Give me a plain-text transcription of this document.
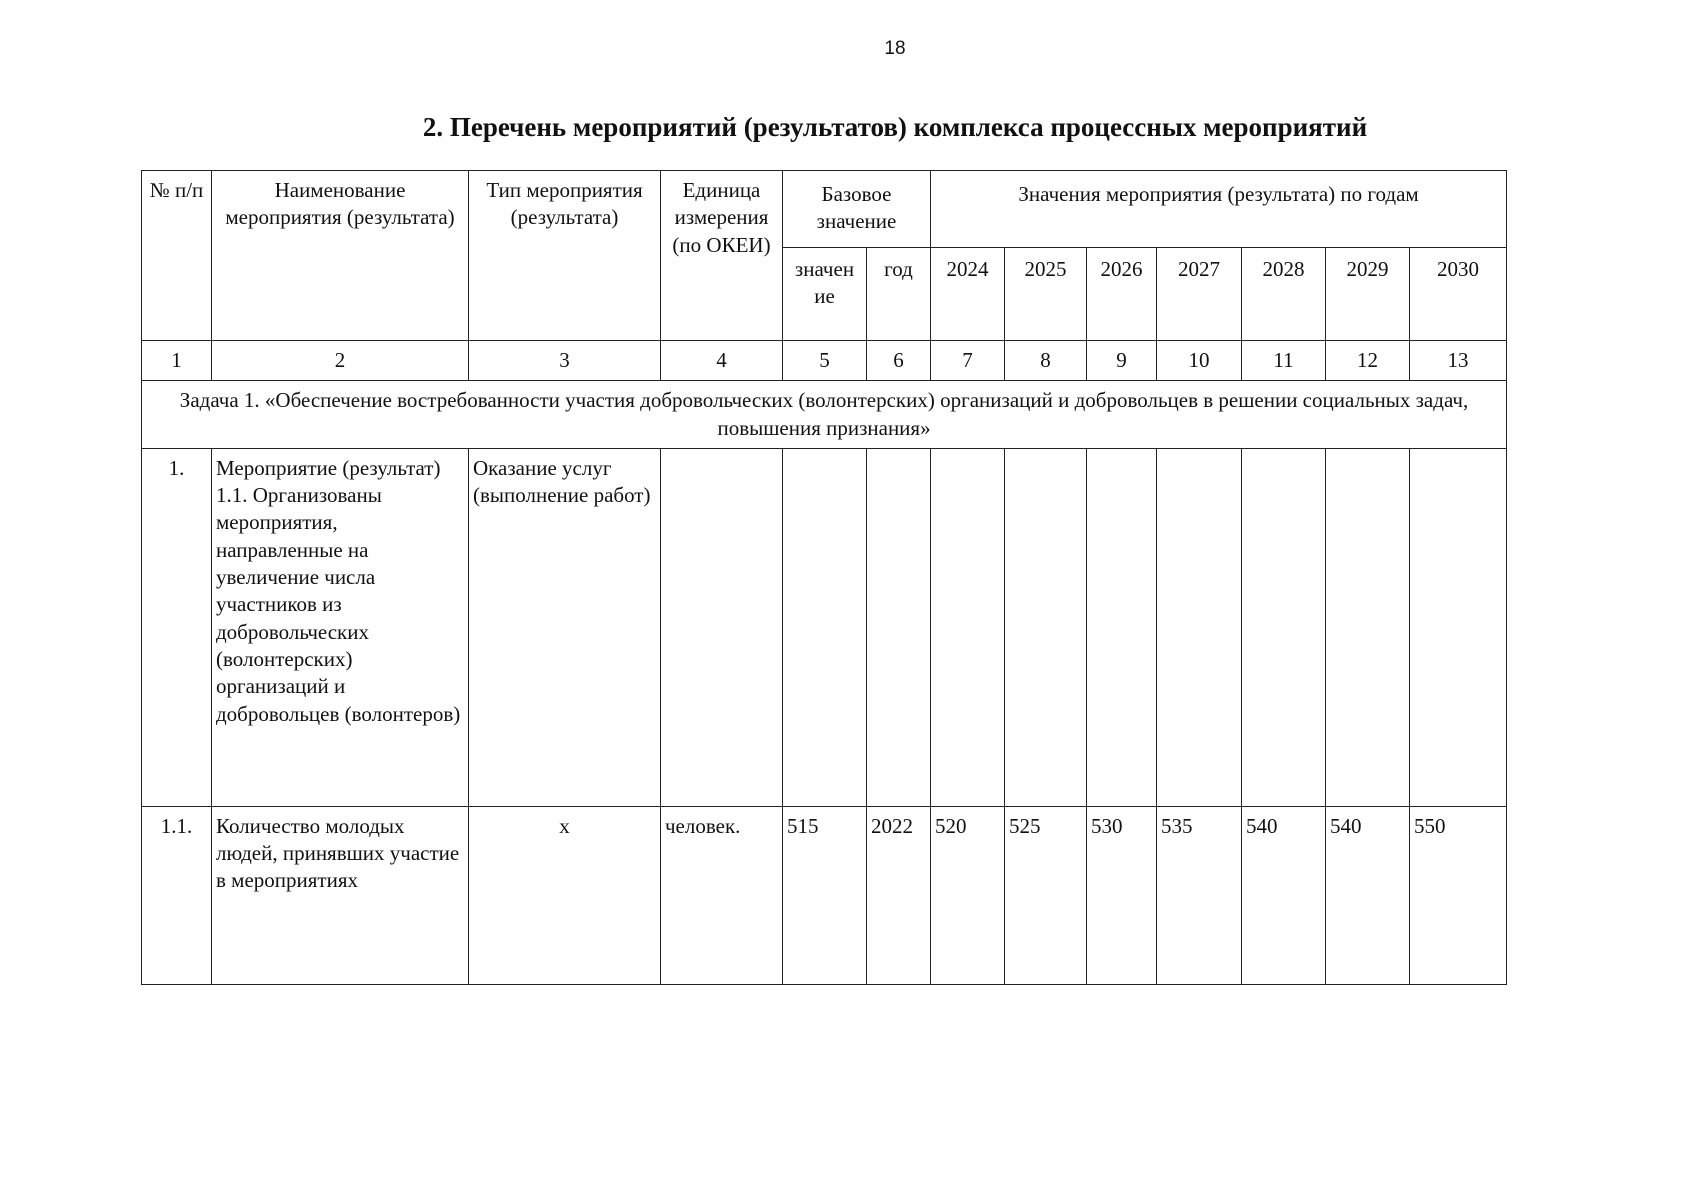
18
2. Перечень мероприятий (результатов) комплекса процессных мероприятий
№ п/п	Наименование мероприятия (результата)	Тип мероприятия (результата)	Единица измерения (по ОКЕИ)	Базовое значение		Значения мероприятия (результата) по годам						
				значен ие	год	2024	2025	2026	2027	2028	2029	2030
1	2	3	4	5	6	7	8	9	10	11	12	13
Задача 1. «Обеспечение востребованности участия добровольческих (волонтерских) организаций и добровольцев в решении социальных задач, повышения признания»												
1.	Мероприятие (результат) 1.1. Организованы мероприятия, направленные на увеличение числа участников из добровольческих (волонтерских) организаций и добровольцев (волонтеров)	Оказание услуг (выполнение работ)										
1.1.	Количество молодых людей, принявших участие в мероприятиях	х	человек.	515	2022	520	525	530	535	540	540	550
